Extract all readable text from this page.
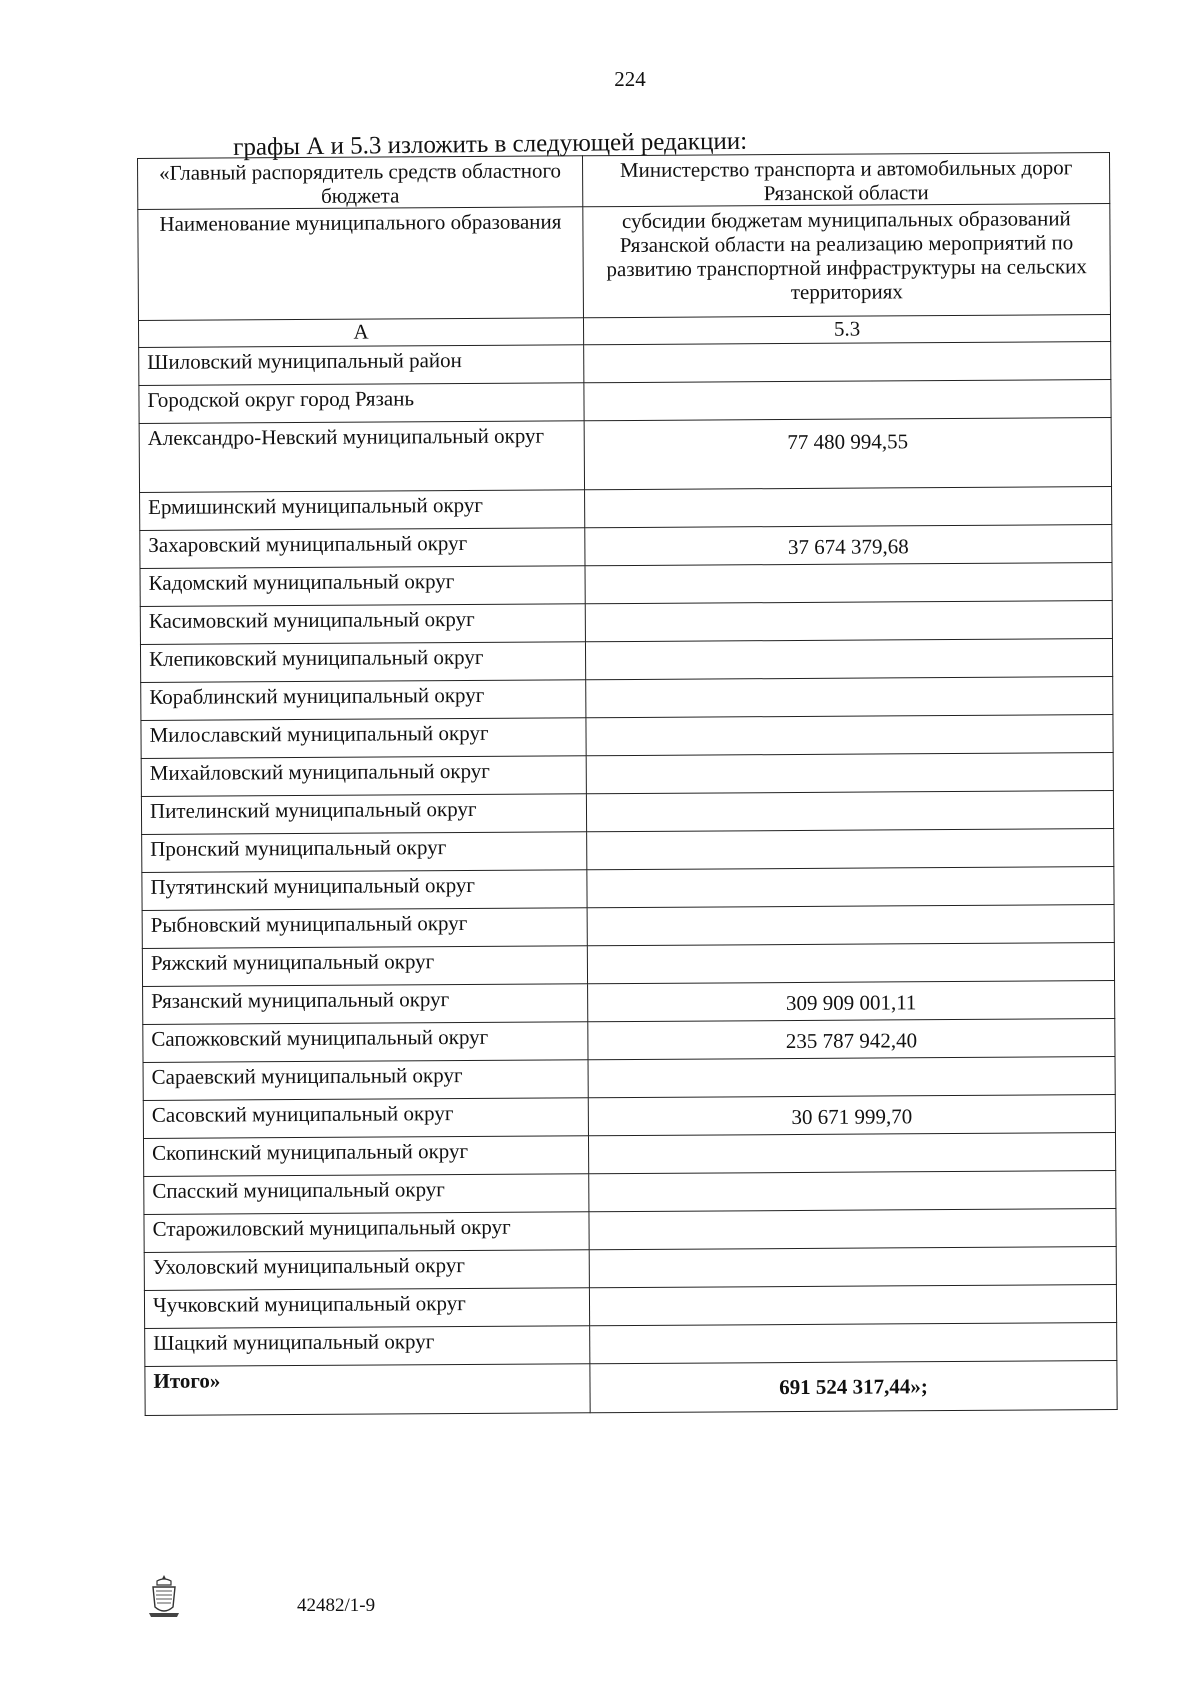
224
графы А и 5.3 изложить в следующей редакции:
«Главный распорядитель средств областного бюджета	Министерство транспорта и автомобильных дорог Рязанской области
Наименование муниципального образования	субсидии бюджетам муниципальных образований Рязанской области на реализацию мероприятий по развитию транспортной инфраструктуры на сельских территориях
А	5.3
Шиловский муниципальный район	
Городской округ город Рязань	
Александро-Невский муниципальный округ	77 480 994,55
Ермишинский муниципальный округ	
Захаровский муниципальный округ	37 674 379,68
Кадомский муниципальный округ	
Касимовский муниципальный округ	
Клепиковский муниципальный округ	
Кораблинский муниципальный округ	
Милославский муниципальный округ	
Михайловский муниципальный округ	
Пителинский муниципальный округ	
Пронский муниципальный округ	
Путятинский муниципальный округ	
Рыбновский муниципальный округ	
Ряжский муниципальный округ	
Рязанский муниципальный округ	309 909 001,11
Сапожковский муниципальный округ	235 787 942,40
Сараевский муниципальный округ	
Сасовский муниципальный округ	30 671 999,70
Скопинский муниципальный округ	
Спасский муниципальный округ	
Старожиловский муниципальный округ	
Ухоловский муниципальный округ	
Чучковский муниципальный округ	
Шацкий муниципальный округ	
Итого»	691 524 317,44»;
42482/1-9
